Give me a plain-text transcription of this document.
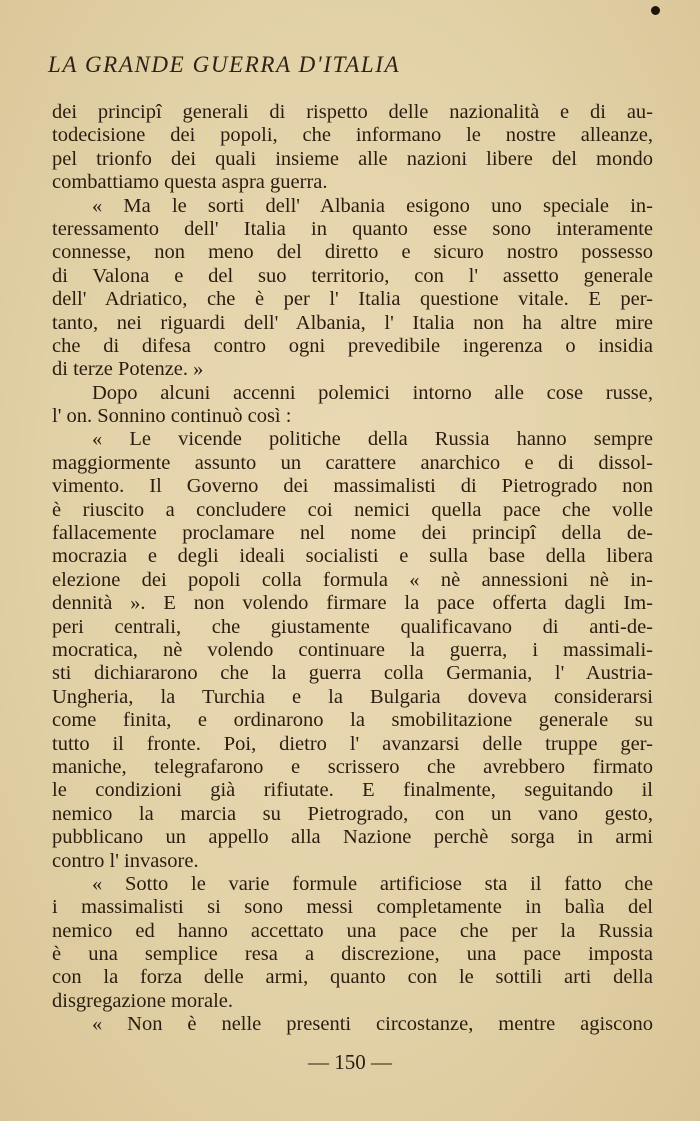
LA GRANDE GUERRA D'ITALIA
dei principî generali di rispetto delle nazionalità e di au-
todecisione dei popoli, che informano le nostre alleanze,
pel trionfo dei quali insieme alle nazioni libere del mondo
combattiamo questa aspra guerra.
« Ma le sorti dell' Albania esigono uno speciale in-
teressamento dell' Italia in quanto esse sono interamente
connesse, non meno del diretto e sicuro nostro possesso
di Valona e del suo territorio, con l' assetto generale
dell' Adriatico, che è per l' Italia questione vitale. E per-
tanto, nei riguardi dell' Albania, l' Italia non ha altre mire
che di difesa contro ogni prevedibile ingerenza o insidia
di terze Potenze. »
Dopo alcuni accenni polemici intorno alle cose russe,
l' on. Sonnino continuò così :
« Le vicende politiche della Russia hanno sempre
maggiormente assunto un carattere anarchico e di dissol-
vimento. Il Governo dei massimalisti di Pietrogrado non
è riuscito a concludere coi nemici quella pace che volle
fallacemente proclamare nel nome dei principî della de-
mocrazia e degli ideali socialisti e sulla base della libera
elezione dei popoli colla formula « nè annessioni nè in-
dennità ». E non volendo firmare la pace offerta dagli Im-
peri centrali, che giustamente qualificavano di anti-de-
mocratica, nè volendo continuare la guerra, i massimali-
sti dichiararono che la guerra colla Germania, l' Austria-
Ungheria, la Turchia e la Bulgaria doveva considerarsi
come finita, e ordinarono la smobilitazione generale su
tutto il fronte. Poi, dietro l' avanzarsi delle truppe ger-
maniche, telegrafarono e scrissero che avrebbero firmato
le condizioni già rifiutate. E finalmente, seguitando il
nemico la marcia su Pietrogrado, con un vano gesto,
pubblicano un appello alla Nazione perchè sorga in armi
contro l' invasore.
« Sotto le varie formule artificiose sta il fatto che
i massimalisti si sono messi completamente in balìa del
nemico ed hanno accettato una pace che per la Russia
è una semplice resa a discrezione, una pace imposta
con la forza delle armi, quanto con le sottili arti della
disgregazione morale.
« Non è nelle presenti circostanze, mentre agiscono
— 150 —
